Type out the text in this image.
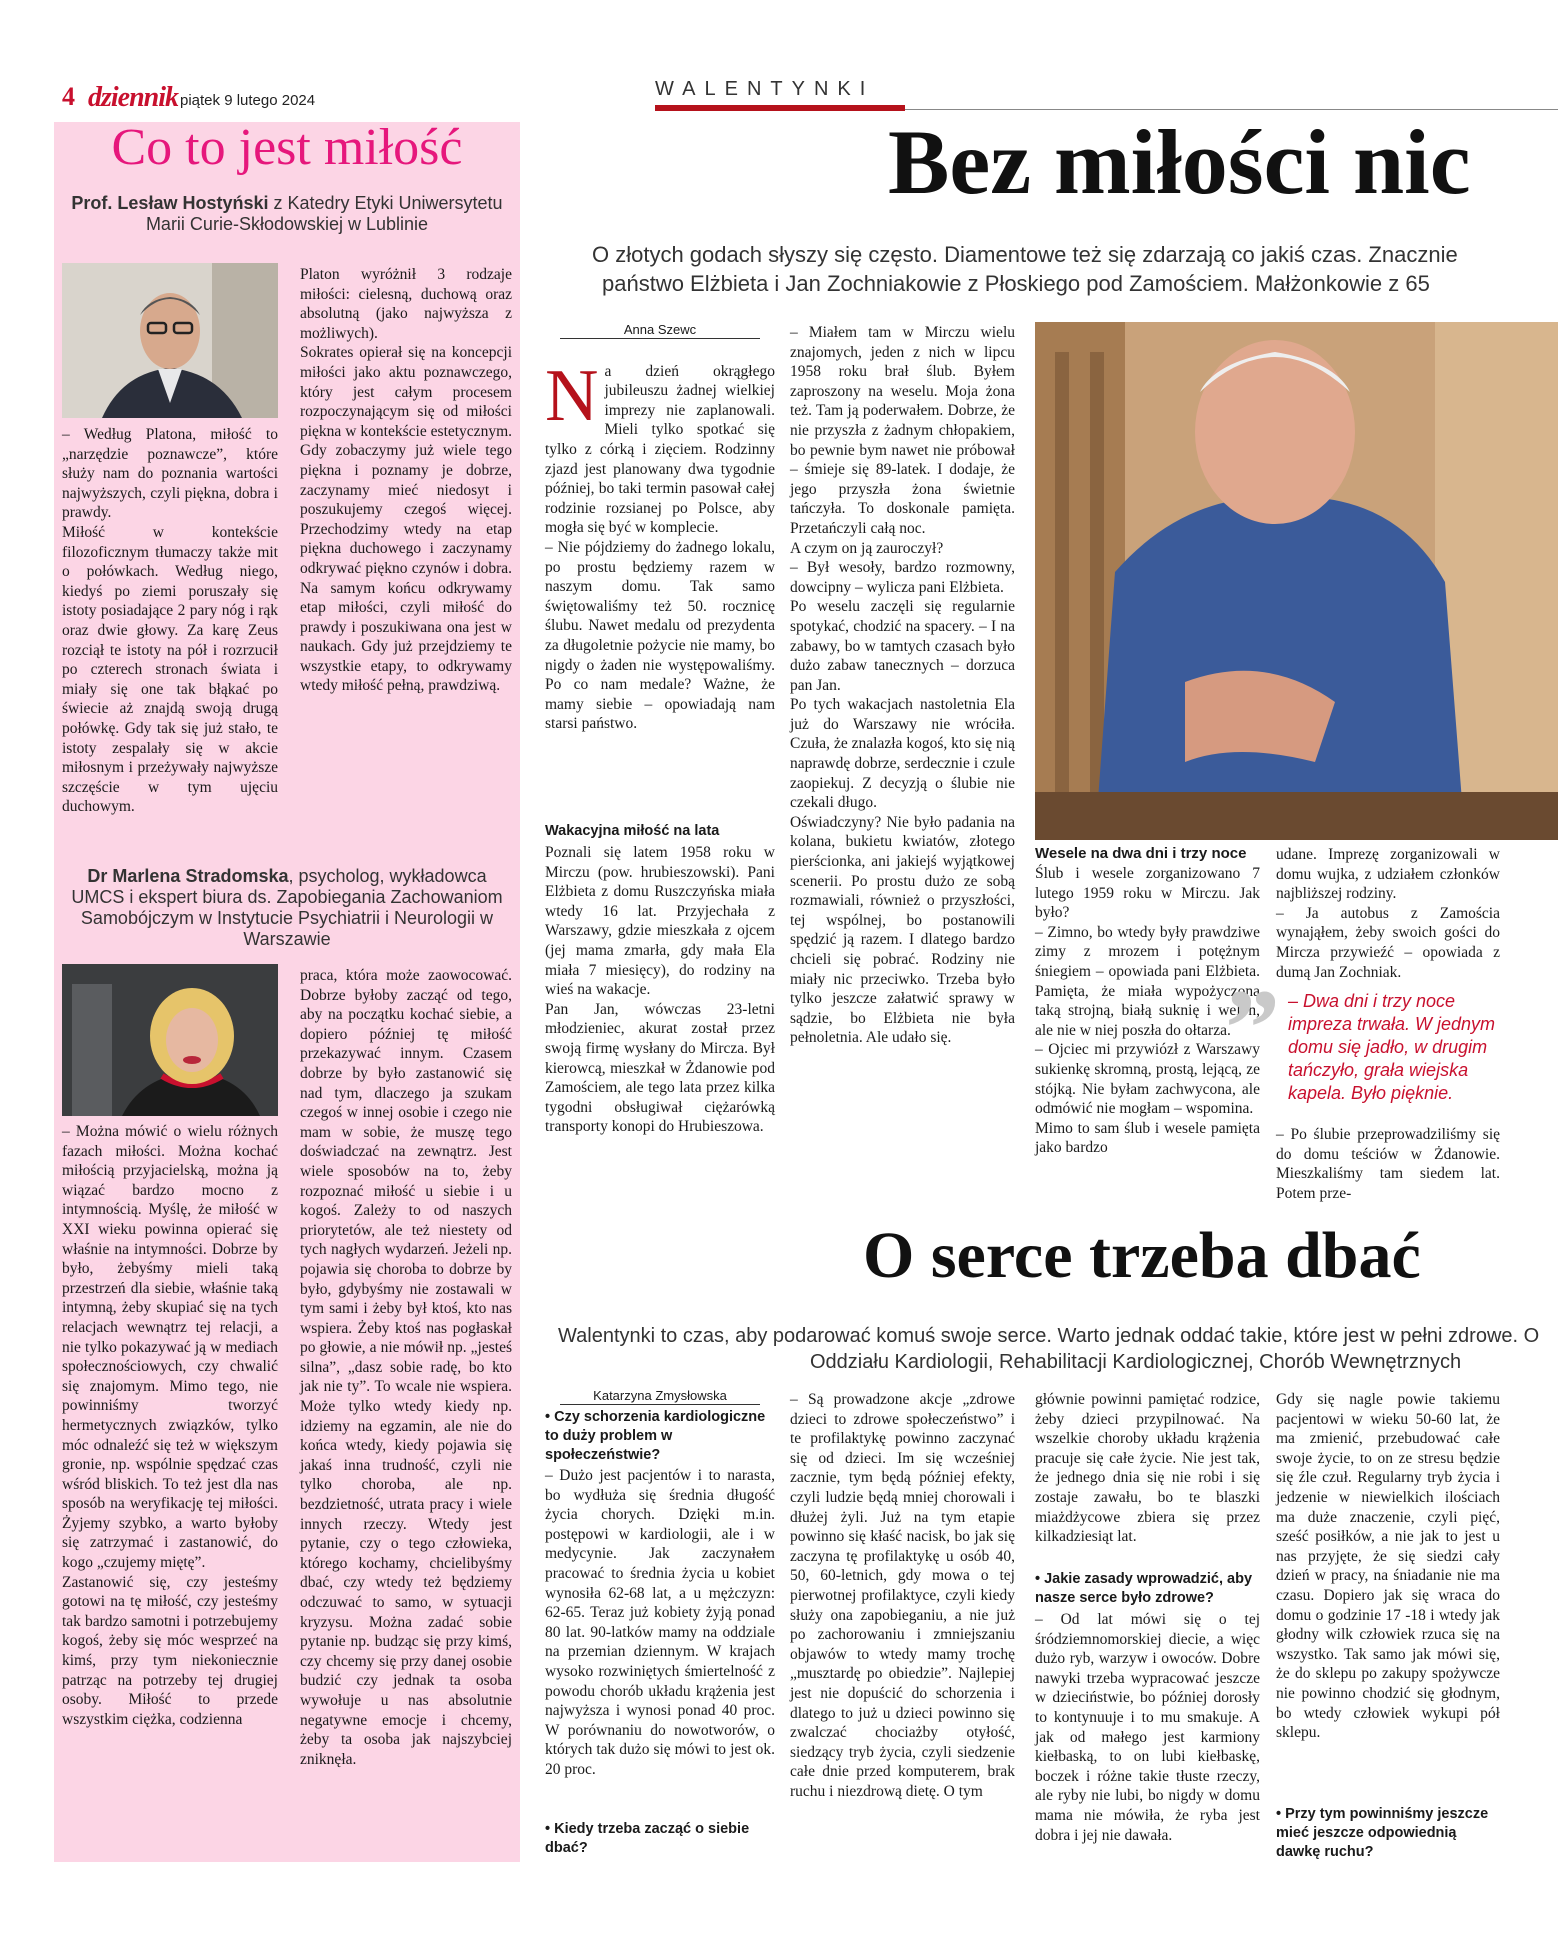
4 dziennik piątek 9 lutego 2024
WALENTYNKI
Co to jest miłość
Prof. Lesław Hostyński z Katedry Etyki Uniwersytetu Marii Curie-Skłodowskiej w Lublinie
– Według Platona, miłość to „narzędzie poznawcze”, które służy nam do poznania wartości najwyższych, czyli piękna, dobra i prawdy.
Miłość w kontekście filozoficznym tłumaczy także mit o połówkach. Według niego, kiedyś po ziemi poruszały się istoty posiadające 2 pary nóg i rąk oraz dwie głowy. Za karę Zeus rozciął te istoty na pół i rozrzucił po czterech stronach świata i miały się one tak błąkać po świecie aż znajdą swoją drugą połówkę. Gdy tak się już stało, te istoty zespalały się w akcie miłosnym i przeżywały najwyższe szczęście w tym ujęciu duchowym.
Platon wyróżnił 3 rodzaje miłości: cielesną, duchową oraz absolutną (jako najwyższa z możliwych).
Sokrates opierał się na koncepcji miłości jako aktu poznawczego, który jest całym procesem rozpoczynającym się od miłości piękna w kontekście estetycznym. Gdy zobaczymy już wiele tego piękna i poznamy je dobrze, zaczynamy mieć niedosyt i poszukujemy czegoś więcej. Przechodzimy wtedy na etap piękna duchowego i zaczynamy odkrywać piękno czynów i dobra. Na samym końcu odkrywamy etap miłości, czyli miłość do prawdy i poszukiwana ona jest w naukach. Gdy już przejdziemy te wszystkie etapy, to odkrywamy wtedy miłość pełną, prawdziwą.
Dr Marlena Stradomska, psycholog, wykładowca UMCS i ekspert biura ds. Zapobiegania Zachowaniom Samobójczym w Instytucie Psychiatrii i Neurologii w Warszawie
– Można mówić o wielu różnych fazach miłości. Można kochać miłością przyjacielską, można ją wiązać bardzo mocno z intymnością. Myślę, że miłość w XXI wieku powinna opierać się właśnie na intymności. Dobrze by było, żebyśmy mieli taką przestrzeń dla siebie, właśnie taką intymną, żeby skupiać się na tych relacjach wewnątrz tej relacji, a nie tylko pokazywać ją w mediach społecznościowych, czy chwalić się znajomym. Mimo tego, nie powinniśmy tworzyć hermetycznych związków, tylko móc odnaleźć się też w większym gronie, np. wspólnie spędzać czas wśród bliskich. To też jest dla nas sposób na weryfikację tej miłości. Żyjemy szybko, a warto byłoby się zatrzymać i zastanowić, do kogo „czujemy miętę”.
Zastanowić się, czy jesteśmy gotowi na tę miłość, czy jesteśmy tak bardzo samotni i potrzebujemy kogoś, żeby się móc wesprzeć na kimś, przy tym niekoniecznie patrząc na potrzeby tej drugiej osoby. Miłość to przede wszystkim ciężka, codzienna
praca, która może zaowocować. Dobrze byłoby zacząć od tego, aby na początku kochać siebie, a dopiero później tę miłość przekazywać innym. Czasem dobrze by było zastanowić się nad tym, dlaczego ja szukam czegoś w innej osobie i czego nie mam w sobie, że muszę tego doświadczać na zewnątrz. Jest wiele sposobów na to, żeby rozpoznać miłość u siebie i u kogoś. Zależy to od naszych priorytetów, ale też niestety od tych nagłych wydarzeń. Jeżeli np. pojawia się choroba to dobrze by było, gdybyśmy nie zostawali w tym sami i żeby był ktoś, kto nas wspiera. Żeby ktoś nas pogłaskał po głowie, a nie mówił np. „jesteś silna”, „dasz sobie radę, bo kto jak nie ty”. To wcale nie wspiera. Może tylko wtedy kiedy np. idziemy na egzamin, ale nie do końca wtedy, kiedy pojawia się jakaś inna trudność, czyli nie tylko choroba, ale np. bezdzietność, utrata pracy i wiele innych rzeczy. Wtedy jest pytanie, czy o tego człowieka, którego kochamy, chcielibyśmy dbać, czy wtedy też będziemy odczuwać to samo, w sytuacji kryzysu. Można zadać sobie pytanie np. budząc się przy kimś, czy chcemy się przy danej osobie budzić czy jednak ta osoba wywołuje u nas absolutnie negatywne emocje i chcemy, żeby ta osoba jak najszybciej zniknęła.
Bez miłości nic
O złotych godach słyszy się często. Diamentowe też się zdarzają co jakiś czas. Znacznie
państwo Elżbieta i Jan Zochniakowie z Płoskiego pod Zamościem. Małżonkowie z 65
Anna Szewc

Na dzień okrągłego jubileuszu żadnej wielkiej imprezy nie zaplanowali. Mieli tylko spotkać się tylko z córką i zięciem. Rodzinny zjazd jest planowany dwa tygodnie później, bo taki termin pasował całej rodzinie rozsianej po Polsce, aby mogła się być w komplecie.
– Nie pójdziemy do żadnego lokalu, po prostu będziemy razem w naszym domu. Tak samo świętowaliśmy też 50. rocznicę ślubu. Nawet medalu od prezydenta za długoletnie pożycie nie mamy, bo nigdy o żaden nie występowaliśmy. Po co nam medale? Ważne, że mamy siebie – opowiadają nam starsi państwo.

Wakacyjna miłość na lata
Poznali się latem 1958 roku w Mirczu (pow. hrubieszowski). Pani Elżbieta z domu Ruszczyńska miała wtedy 16 lat. Przyjechała z Warszawy, gdzie mieszkała z ojcem (jej mama zmarła, gdy mała Ela miała 7 miesięcy), do rodziny na wieś na wakacje.
Pan Jan, wówczas 23-letni młodzieniec, akurat został przez swoją firmę wysłany do Mircza. Był kierowcą, mieszkał w Żdanowie pod Zamościem, ale tego lata przez kilka tygodni obsługiwał ciężarówką transporty konopi do Hrubieszowa.
– Miałem tam w Mirczu wielu znajomych, jeden z nich w lipcu 1958 roku brał ślub. Byłem zaproszony na weselu. Moja żona też. Tam ją poderwałem. Dobrze, że nie przyszła z żadnym chłopakiem, bo pewnie bym nawet nie próbował – śmieje się 89-latek. I dodaje, że jego przyszła żona świetnie tańczyła. To doskonale pamięta. Przetańczyli całą noc.
A czym on ją zauroczył?
– Był wesoły, bardzo rozmowny, dowcipny – wylicza pani Elżbieta.
Po weselu zaczęli się regularnie spotykać, chodzić na spacery. – I na zabawy, bo w tamtych czasach było dużo zabaw tanecznych – dorzuca pan Jan.
Po tych wakacjach nastoletnia Ela już do Warszawy nie wróciła. Czuła, że znalazła kogoś, kto się nią naprawdę dobrze, serdecznie i czule zaopiekuj. Z decyzją o ślubie nie czekali długo.
Oświadczyny? Nie było padania na kolana, bukietu kwiatów, złotego pierścionka, ani jakiejś wyjątkowej scenerii. Po prostu dużo ze sobą rozmawiali, również o przyszłości, tej wspólnej, bo postanowili spędzić ją razem. I dlatego bardzo chcieli się pobrać. Rodziny nie miały nic przeciwko. Trzeba było tylko jeszcze załatwić sprawy w sądzie, bo Elżbieta nie była pełnoletnia. Ale udało się.
Wesele na dwa dni i trzy noce
Ślub i wesele zorganizowano 7 lutego 1959 roku w Mirczu. Jak było?
– Zimno, bo wtedy były prawdziwe zimy z mrozem i potężnym śniegiem – opowiada pani Elżbieta. Pamięta, że miała wypożyczoną taką strojną, białą suknię i welon, ale nie w niej poszła do ołtarza.
– Ojciec mi przywiózł z Warszawy sukienkę skromną, prostą, lejącą, ze stójką. Nie byłam zachwycona, ale odmówić nie mogłam – wspomina.
Mimo to sam ślub i wesele pamięta jako bardzo
udane. Imprezę zorganizowali w domu wujka, z udziałem członków najbliższej rodziny.
– Ja autobus z Zamościa wynająłem, żeby swoich gości do Mircza przywieźć – opowiada z dumą Jan Zochniak.
” – Dwa dni i trzy noce impreza trwała. W jednym domu się jadło, w drugim tańczyło, grała wiejska kapela. Było pięknie.
– Po ślubie przeprowadziliśmy się do domu teściów w Żdanowie. Mieszkaliśmy tam siedem lat. Potem prze-
O serce trzeba dbać
Walentynki to czas, aby podarować komuś swoje serce. Warto jednak oddać takie, które jest w pełni zdrowe. O
Oddziału Kardiologii, Rehabilitacji Kardiologicznej, Chorób Wewnętrznych
Katarzyna Zmysłowska
• Czy schorzenia kardiologiczne to duży problem w społeczeństwie?
– Dużo jest pacjentów i to narasta, bo wydłuża się średnia długość życia chorych. Dzięki m.in. postępowi w kardiologii, ale i w medycynie. Jak zaczynałem pracować to średnia życia u kobiet wynosiła 62-68 lat, a u mężczyzn: 62-65. Teraz już kobiety żyją ponad 80 lat. 90-latków mamy na oddziale na przemian dziennym. W krajach wysoko rozwiniętych śmiertelność z powodu chorób układu krążenia jest najwyższa i wynosi ponad 40 proc. W porównaniu do nowotworów, o których tak dużo się mówi to jest ok. 20 proc.
• Kiedy trzeba zacząć o siebie dbać?
– Są prowadzone akcje „zdrowe dzieci to zdrowe społeczeństwo” i te profilaktykę powinno zaczynać się od dzieci. Im się wcześniej zacznie, tym będą później efekty, czyli ludzie będą mniej chorowali i dłużej żyli. Już na tym etapie powinno się kłaść nacisk, bo jak się zaczyna tę profilaktykę u osób 40, 50, 60-letnich, gdy mowa o tej pierwotnej profilaktyce, czyli kiedy służy ona zapobieganiu, a nie już po zachorowaniu i zmniejszaniu objawów to wtedy mamy trochę „musztardę po obiedzie”. Najlepiej jest nie dopuścić do schorzenia i dlatego to już u dzieci powinno się zwalczać chociażby otyłość, siedzący tryb życia, czyli siedzenie całe dnie przed komputerem, brak ruchu i niezdrową dietę. O tym
głównie powinni pamiętać rodzice, żeby dzieci przypilnować. Na wszelkie choroby układu krążenia pracuje się całe życie. Nie jest tak, że jednego dnia się nie robi i się zostaje zawału, bo te blaszki miażdżycowe zbiera się przez kilkadziesiąt lat.
• Jakie zasady wprowadzić, aby nasze serce było zdrowe?
– Od lat mówi się o tej śródziemnomorskiej diecie, a więc dużo ryb, warzyw i owoców. Dobre nawyki trzeba wypracować jeszcze w dzieciństwie, bo później dorosły to kontynuuje i to mu smakuje. A jak od małego jest karmiony kiełbaską, to on lubi kiełbaskę, boczek i różne takie tłuste rzeczy, ale ryby nie lubi, bo nigdy w domu mama nie mówiła, że ryba jest dobra i jej nie dawała.
Gdy się nagle powie takiemu pacjentowi w wieku 50-60 lat, że ma zmienić, przebudować całe swoje życie, to on ze stresu będzie się źle czuł. Regularny tryb życia i jedzenie w niewielkich ilościach ma duże znaczenie, czyli pięć, sześć posiłków, a nie jak to jest u nas przyjęte, że się siedzi cały dzień w pracy, na śniadanie nie ma czasu. Dopiero jak się wraca do domu o godzinie 17 -18 i wtedy jak głodny wilk człowiek rzuca się na wszystko. Tak samo jak mówi się, że do sklepu po zakupy spożywcze nie powinno chodzić się głodnym, bo wtedy człowiek wykupi pół sklepu.
• Przy tym powinniśmy jeszcze mieć jeszcze odpowiednią dawkę ruchu?
